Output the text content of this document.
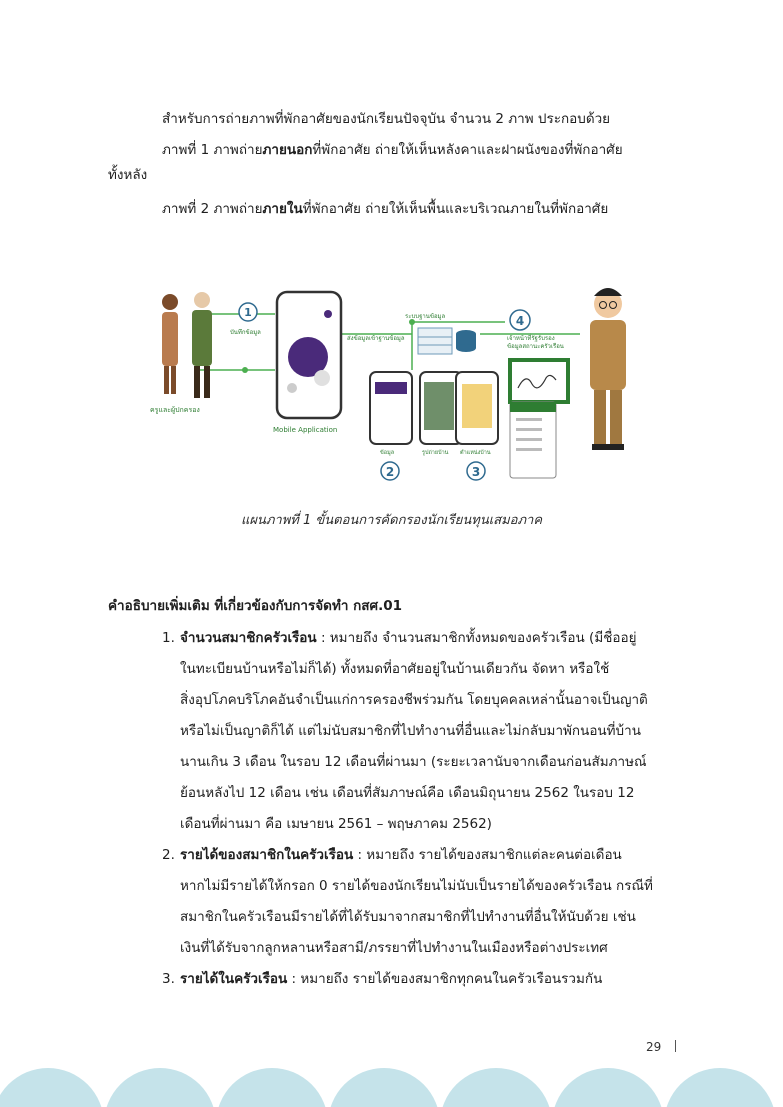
สำหรับการถ่ายภาพที่พักอาศัยของนักเรียนปัจจุบัน จำนวน 2 ภาพ ประกอบด้วย
ภาพที่ 1 ภาพถ่ายภายนอกที่พักอาศัย ถ่ายให้เห็นหลังคาและฝาผนังของที่พักอาศัย
ทั้งหลัง
ภาพที่ 2 ภาพถ่ายภายในที่พักอาศัย ถ่ายให้เห็นพื้นและบริเวณภายในที่พักอาศัย
ครูและผู้ปกครอง
1
บันทึกข้อมูล
Mobile Application
ระบบฐานข้อมูล
ส่งข้อมูลเข้าฐานข้อมูล
ข้อมูล	รูปถ่ายบ้าน ตำแหน่งบ้าน
2	3
4
เจ้าหน้าที่รัฐรับรอง
ข้อมูลสถานะครัวเรือน
แผนภาพที่ 1 ขั้นตอนการคัดกรองนักเรียนทุนเสมอภาค
คำอธิบายเพิ่มเติม ที่เกี่ยวข้องกับการจัดทำ กสศ.01
1. จำนวนสมาชิกครัวเรือน : หมายถึง จำนวนสมาชิกทั้งหมดของครัวเรือน (มีชื่ออยู่
ในทะเบียนบ้านหรือไม่ก็ได้) ทั้งหมดที่อาศัยอยู่ในบ้านเดียวกัน จัดหา หรือใช้
สิ่งอุปโภคบริโภคอันจำเป็นแก่การครองชีพร่วมกัน โดยบุคคลเหล่านั้นอาจเป็นญาติ
หรือไม่เป็นญาติก็ได้ แต่ไม่นับสมาชิกที่ไปทำงานที่อื่นและไม่กลับมาพักนอนที่บ้าน
นานเกิน 3 เดือน ในรอบ 12 เดือนที่ผ่านมา (ระยะเวลานับจากเดือนก่อนสัมภาษณ์
ย้อนหลังไป 12 เดือน เช่น เดือนที่สัมภาษณ์คือ เดือนมิถุนายน 2562 ในรอบ 12
เดือนที่ผ่านมา คือ เมษายน 2561 – พฤษภาคม 2562)
2. รายได้ของสมาชิกในครัวเรือน : หมายถึง รายได้ของสมาชิกแต่ละคนต่อเดือน
หากไม่มีรายได้ให้กรอก 0 รายได้ของนักเรียนไม่นับเป็นรายได้ของครัวเรือน กรณีที่
สมาชิกในครัวเรือนมีรายได้ที่ได้รับมาจากสมาชิกที่ไปทำงานที่อื่นให้นับด้วย เช่น
เงินที่ได้รับจากลูกหลานหรือสามี/ภรรยาที่ไปทำงานในเมืองหรือต่างประเทศ
3. รายได้ในครัวเรือน : หมายถึง รายได้ของสมาชิกทุกคนในครัวเรือนรวมกัน
29
